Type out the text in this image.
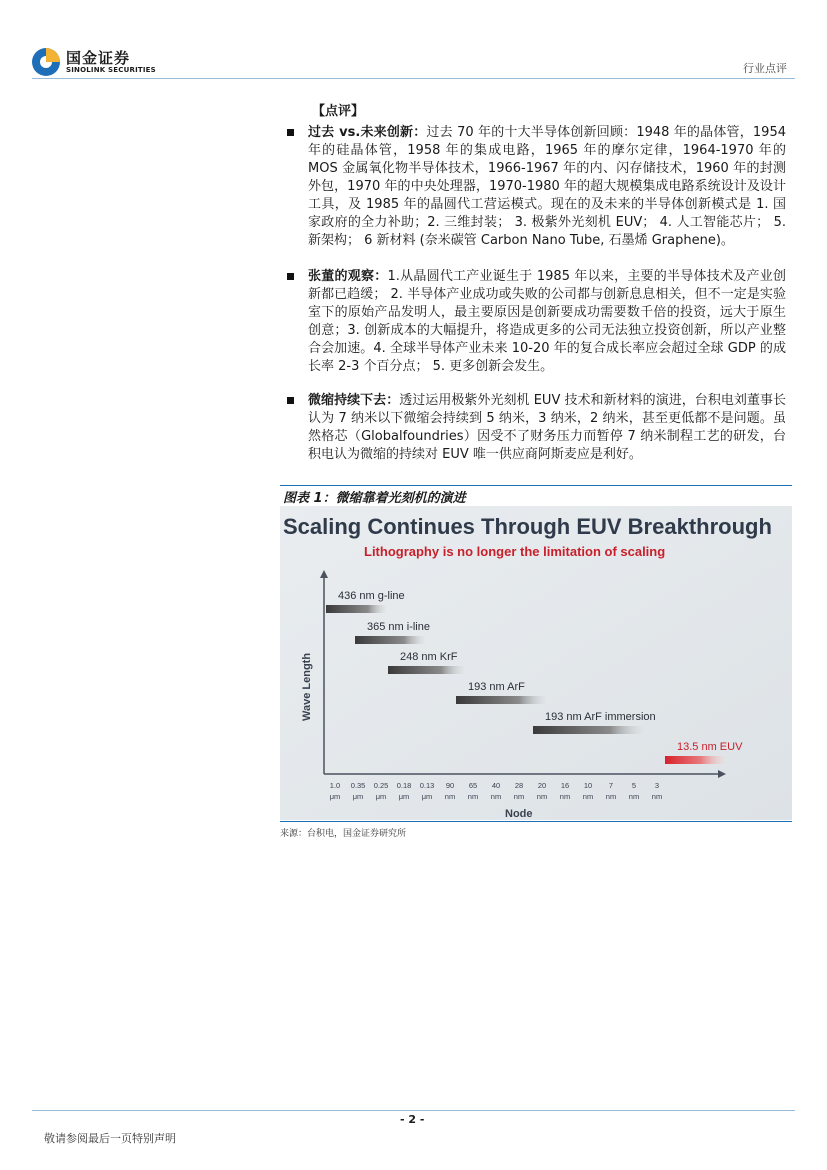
国金证券
SINOLINK SECURITIES	行业点评
【点评】
过去 vs.未来创新：过去 70 年的十大半导体创新回顾：1948 年的晶体管，1954 年的硅晶体管，1958 年的集成电路，1965 年的摩尔定律，1964-1970 年的 MOS 金属氧化物半导体技术，1966-1967 年的内、闪存储技术，1960 年的封测外包，1970 年的中央处理器，1970-1980 年的超大规模集成电路系统设计及设计工具，及 1985 年的晶圆代工营运模式。现在的及未来的半导体创新模式是 1. 国家政府的全力补助；2. 三维封装； 3. 极紫外光刻机 EUV； 4. 人工智能芯片； 5. 新架构； 6 新材料 (奈米碳管 Carbon Nano Tube, 石墨烯 Graphene)。
张董的观察：1.从晶圆代工产业诞生于 1985 年以来，主要的半导体技术及产业创新都已趋缓； 2. 半导体产业成功或失败的公司都与创新息息相关，但不一定是实验室下的原始产品发明人，最主要原因是创新要成功需要数千倍的投资，远大于原生创意；3. 创新成本的大幅提升，将造成更多的公司无法独立投资创新，所以产业整合会加速。4. 全球半导体产业未来 10-20 年的复合成长率应会超过全球 GDP 的成长率 2-3 个百分点； 5. 更多创新会发生。
微缩持续下去：透过运用极紫外光刻机 EUV 技术和新材料的演进，台积电刘董事长认为 7 纳米以下微缩会持续到 5 纳米，3 纳米，2 纳米，甚至更低都不是问题。虽然格芯（Globalfoundries）因受不了财务压力而暂停 7 纳米制程工艺的研发，台积电认为微缩的持续对 EUV 唯一供应商阿斯麦应是利好。
图表 1：微缩靠着光刻机的演进
Scaling Continues Through EUV Breakthrough
Lithography is no longer the limitation of scaling
Wave Length
Node
436 nm g-line
365 nm i-line
248 nm KrF
193 nm ArF
193 nm ArF immersion
13.5 nm EUV
1.0
μm
0.35
μm
0.25
μm
0.18
μm
0.13
μm
90
nm
65
nm
40
nm
28
nm
20
nm
16
nm
10
nm
7
nm
5
nm
3
nm
来源：台积电，国金证券研究所
- 2 -
敬请参阅最后一页特别声明
